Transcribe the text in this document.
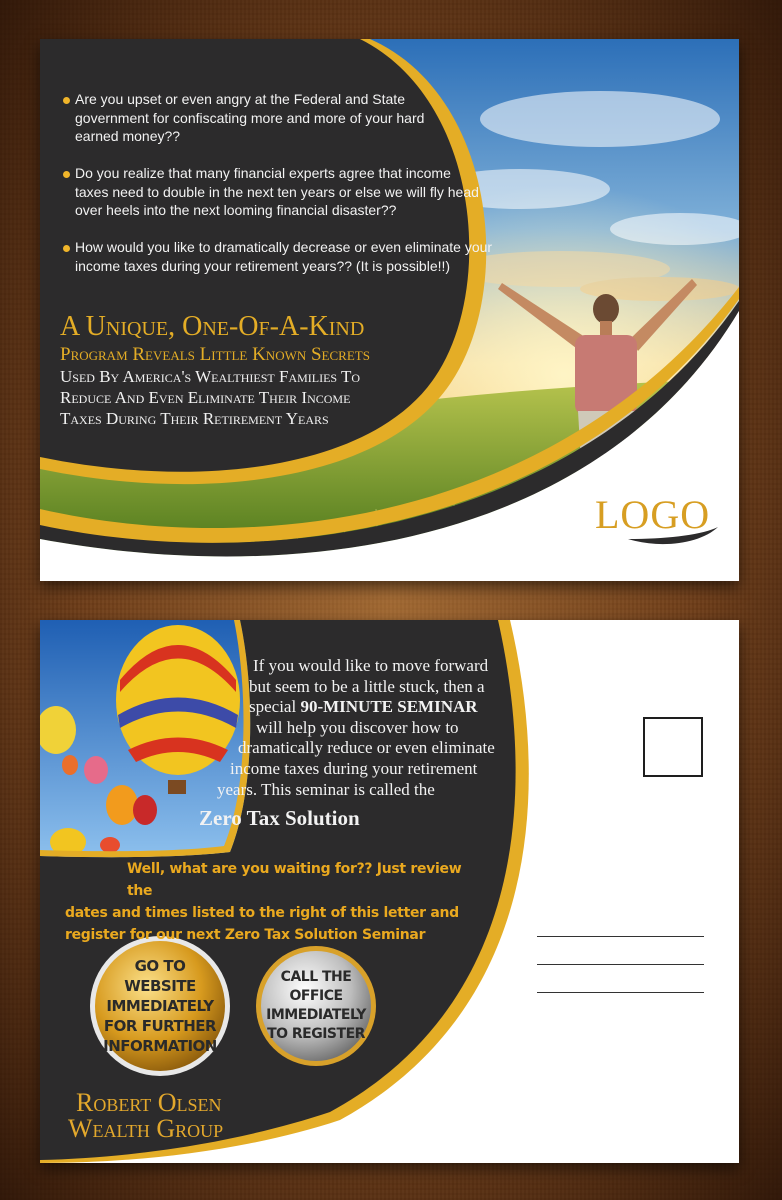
Are you upset or even angry at the Federal and State
government for confiscating more and more of your hard
earned money??
Do you realize that many financial experts agree that income
taxes need to double in the next ten years or else we will fly head
over heels into the next looming financial disaster??
How would you like to dramatically decrease or even eliminate your
income taxes during your retirement years?? (It is possible!!)
A Unique, One-Of-A-Kind
Program Reveals Little Known Secrets
Used By America's Wealthiest Families To
Reduce And Even Eliminate Their Income
Taxes During Their Retirement Years
LOGO
If you would like to move forward
but seem to be a little stuck, then a
special 90-MINUTE SEMINAR
will help you discover how to
dramatically reduce or even eliminate
income taxes during your retirement
years. This seminar is called the
Zero Tax Solution
Well, what are you waiting for?? Just review the
dates and times listed to the right of this letter and
register for our next Zero Tax Solution Seminar
GO TO WEBSITE
IMMEDIATELY
FOR FURTHER
INFORMATION
CALL THE
OFFICE
IMMEDIATELY
TO REGISTER
Robert Olsen
Wealth Group
